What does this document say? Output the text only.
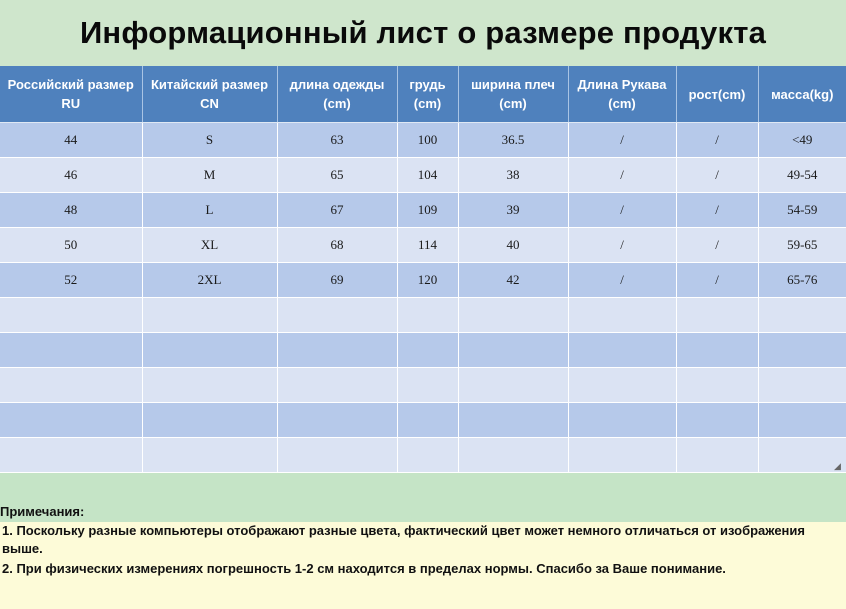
Информационный лист о размере продукта
Российский размер RU	Китайский размер CN	длина одежды (cm)	грудь (cm)	ширина плеч (cm)	Длина Рукава (cm)	рост(cm)	масса(kg)
44	S	63	100	36.5	/	/	<49
46	M	65	104	38	/	/	49-54
48	L	67	109	39	/	/	54-59
50	XL	68	114	40	/	/	59-65
52	2XL	69	120	42	/	/	65-76

◢
Примечания:
1. Поскольку разные компьютеры отображают разные цвета, фактический цвет может немного отличаться от изображения выше.
2. При физических измерениях погрешность 1-2 см находится в пределах нормы. Спасибо за Ваше понимание.
